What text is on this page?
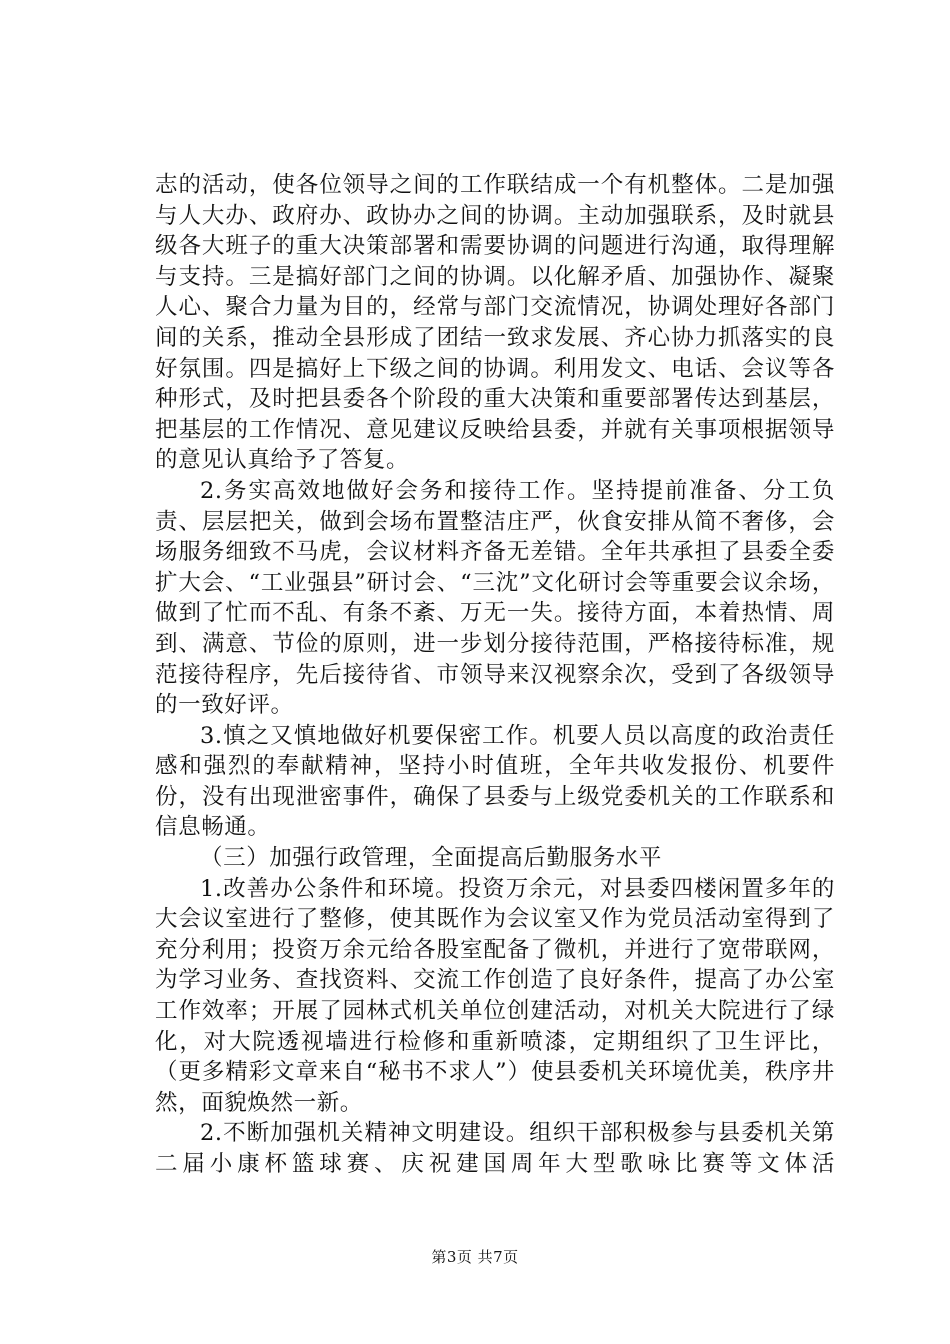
志的活动，使各位领导之间的工作联结成一个有机整体。二是加强与人大办、政府办、政协办之间的协调。主动加强联系，及时就县级各大班子的重大决策部署和需要协调的问题进行沟通，取得理解与支持。三是搞好部门之间的协调。以化解矛盾、加强协作、凝聚人心、聚合力量为目的，经常与部门交流情况，协调处理好各部门间的关系，推动全县形成了团结一致求发展、齐心协力抓落实的良好氛围。四是搞好上下级之间的协调。利用发文、电话、会议等各种形式，及时把县委各个阶段的重大决策和重要部署传达到基层，把基层的工作情况、意见建议反映给县委，并就有关事项根据领导的意见认真给予了答复。

2.务实高效地做好会务和接待工作。坚持提前准备、分工负责、层层把关，做到会场布置整洁庄严，伙食安排从简不奢侈，会场服务细致不马虎，会议材料齐备无差错。全年共承担了县委全委扩大会、“工业强县”研讨会、“三沈”文化研讨会等重要会议余场，做到了忙而不乱、有条不紊、万无一失。接待方面，本着热情、周到、满意、节俭的原则，进一步划分接待范围，严格接待标准，规范接待程序，先后接待省、市领导来汉视察余次，受到了各级领导的一致好评。

3.慎之又慎地做好机要保密工作。机要人员以高度的政治责任感和强烈的奉献精神，坚持小时值班，全年共收发报份、机要件份，没有出现泄密事件，确保了县委与上级党委机关的工作联系和信息畅通。

（三）加强行政管理，全面提高后勤服务水平

1.改善办公条件和环境。投资万余元，对县委四楼闲置多年的大会议室进行了整修，使其既作为会议室又作为党员活动室得到了充分利用；投资万余元给各股室配备了微机，并进行了宽带联网，为学习业务、查找资料、交流工作创造了良好条件，提高了办公室工作效率；开展了园林式机关单位创建活动，对机关大院进行了绿化，对大院透视墙进行检修和重新喷漆，定期组织了卫生评比，（更多精彩文章来自“秘书不求人”）使县委机关环境优美，秩序井然，面貌焕然一新。

2.不断加强机关精神文明建设。组织干部积极参与县委机关第二届小康杯篮球赛、庆祝建国周年大型歌咏比赛等文体活

第3页 共7页
